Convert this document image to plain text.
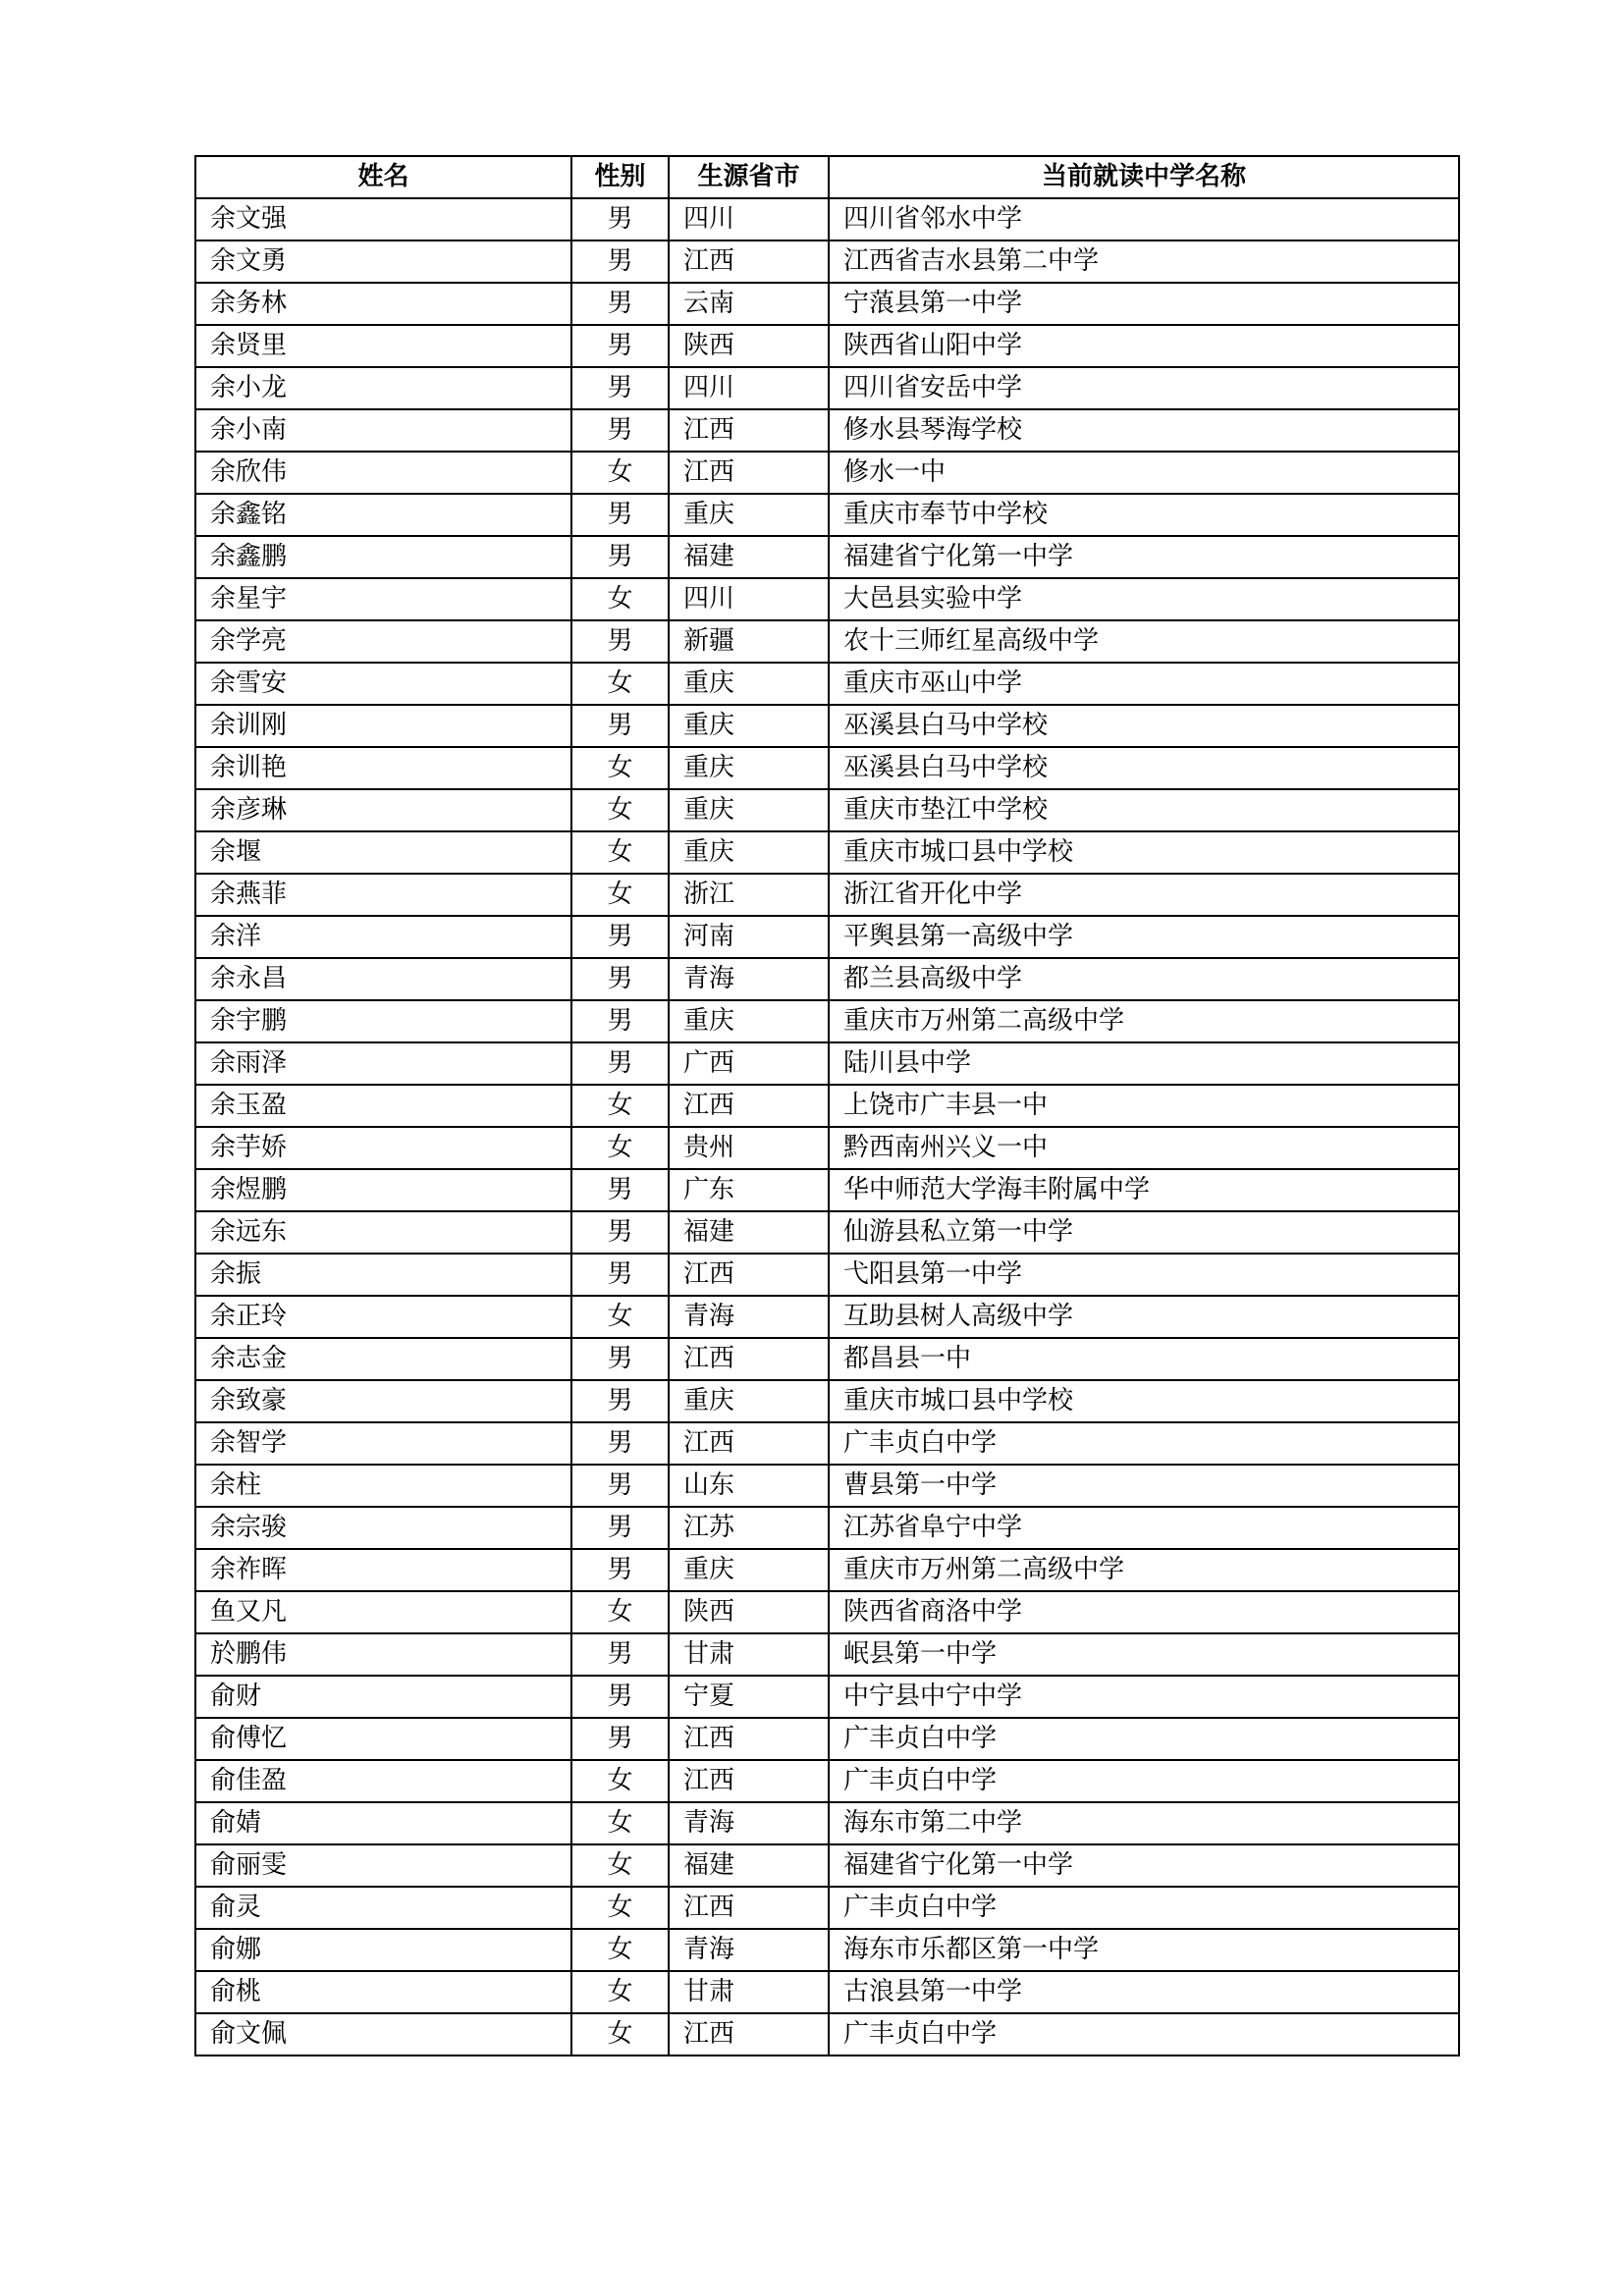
姓名	性别	生源省市	当前就读中学名称
余文强	男	四川	四川省邻水中学
余文勇	男	江西	江西省吉水县第二中学
余务林	男	云南	宁蒗县第一中学
余贤里	男	陕西	陕西省山阳中学
余小龙	男	四川	四川省安岳中学
余小南	男	江西	修水县琴海学校
余欣伟	女	江西	修水一中
余鑫铭	男	重庆	重庆市奉节中学校
余鑫鹏	男	福建	福建省宁化第一中学
余星宇	女	四川	大邑县实验中学
余学亮	男	新疆	农十三师红星高级中学
余雪安	女	重庆	重庆市巫山中学
余训刚	男	重庆	巫溪县白马中学校
余训艳	女	重庆	巫溪县白马中学校
余彦琳	女	重庆	重庆市垫江中学校
余堰	女	重庆	重庆市城口县中学校
余燕菲	女	浙江	浙江省开化中学
余洋	男	河南	平舆县第一高级中学
余永昌	男	青海	都兰县高级中学
余宇鹏	男	重庆	重庆市万州第二高级中学
余雨泽	男	广西	陆川县中学
余玉盈	女	江西	上饶市广丰县一中
余芋娇	女	贵州	黔西南州兴义一中
余煜鹏	男	广东	华中师范大学海丰附属中学
余远东	男	福建	仙游县私立第一中学
余振	男	江西	弋阳县第一中学
余正玲	女	青海	互助县树人高级中学
余志金	男	江西	都昌县一中
余致豪	男	重庆	重庆市城口县中学校
余智学	男	江西	广丰贞白中学
余柱	男	山东	曹县第一中学
余宗骏	男	江苏	江苏省阜宁中学
余祚晖	男	重庆	重庆市万州第二高级中学
鱼又凡	女	陕西	陕西省商洛中学
於鹏伟	男	甘肃	岷县第一中学
俞财	男	宁夏	中宁县中宁中学
俞傅忆	男	江西	广丰贞白中学
俞佳盈	女	江西	广丰贞白中学
俞婧	女	青海	海东市第二中学
俞丽雯	女	福建	福建省宁化第一中学
俞灵	女	江西	广丰贞白中学
俞娜	女	青海	海东市乐都区第一中学
俞桃	女	甘肃	古浪县第一中学
俞文佩	女	江西	广丰贞白中学
